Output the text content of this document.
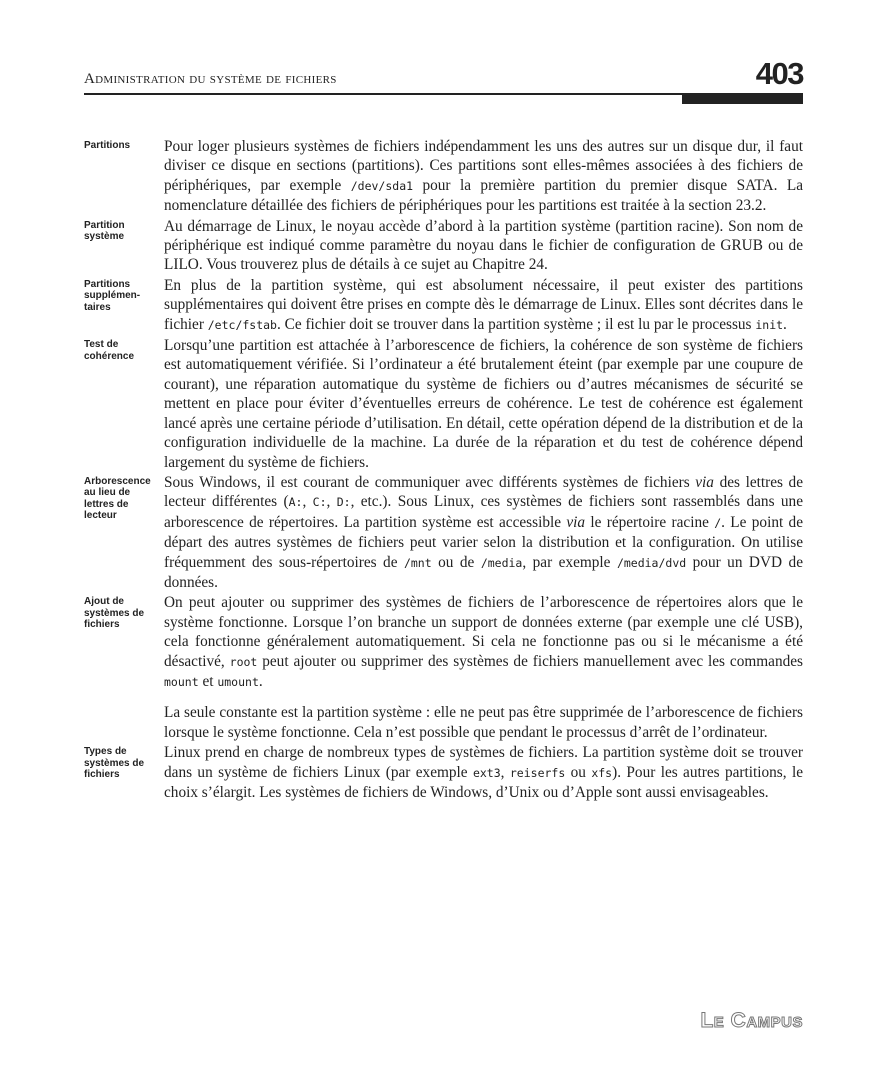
Administration du système de fichiers	403
Partitions	Pour loger plusieurs systèmes de fichiers indépendamment les uns des autres sur un disque dur, il faut diviser ce disque en sections (partitions). Ces partitions sont elles-mêmes associées à des fichiers de périphériques, par exemple /dev/sda1 pour la première partition du premier disque SATA. La nomenclature détaillée des fichiers de périphériques pour les partitions est traitée à la section 23.2.

Partition système

Au démarrage de Linux, le noyau accède d’abord à la partition système (partition racine). Son nom de périphérique est indiqué comme paramètre du noyau dans le fichier de configuration de GRUB ou de LILO. Vous trouverez plus de détails à ce sujet au Chapitre 24.

Partitions supplémen-taires

En plus de la partition système, qui est absolument nécessaire, il peut exister des partitions supplémentaires qui doivent être prises en compte dès le démarrage de Linux. Elles sont décrites dans le fichier /etc/fstab. Ce fichier doit se trouver dans la partition système ; il est lu par le processus init.

Test de cohérence

Lorsqu’une partition est attachée à l’arborescence de fichiers, la cohérence de son système de fichiers est automatiquement vérifiée. Si l’ordinateur a été brutalement éteint (par exemple par une coupure de courant), une réparation automatique du système de fichiers ou d’autres mécanismes de sécurité se mettent en place pour éviter d’éventuelles erreurs de cohérence. Le test de cohérence est également lancé après une certaine période d’utilisation. En détail, cette opération dépend de la distribution et de la configuration individuelle de la machine. La durée de la réparation et du test de cohérence dépend largement du système de fichiers.

Arborescence au lieu de lettres de lecteur

Sous Windows, il est courant de communiquer avec différents systèmes de fichiers via des lettres de lecteur différentes (A:, C:, D:, etc.). Sous Linux, ces systèmes de fichiers sont rassemblés dans une arborescence de répertoires. La partition système est accessible via le répertoire racine /. Le point de départ des autres systèmes de fichiers peut varier selon la distribution et la configuration. On utilise fréquemment des sous-répertoires de /mnt ou de /media, par exemple /media/dvd pour un DVD de données.

Ajout de systèmes de fichiers

On peut ajouter ou supprimer des systèmes de fichiers de l’arborescence de répertoires alors que le système fonctionne. Lorsque l’on branche un support de données externe (par exemple une clé USB), cela fonctionne généralement automatiquement. Si cela ne fonctionne pas ou si le mécanisme a été désactivé, root peut ajouter ou supprimer des systèmes de fichiers manuellement avec les commandes mount et umount.

La seule constante est la partition système : elle ne peut pas être supprimée de l’arborescence de fichiers lorsque le système fonctionne. Cela n’est possible que pendant le processus d’arrêt de l’ordinateur.

Types de systèmes de fichiers

Linux prend en charge de nombreux types de systèmes de fichiers. La partition système doit se trouver dans un système de fichiers Linux (par exemple ext3, reiserfs ou xfs). Pour les autres partitions, le choix s’élargit. Les systèmes de fichiers de Windows, d’Unix ou d’Apple sont aussi envisageables.

Le Campus
